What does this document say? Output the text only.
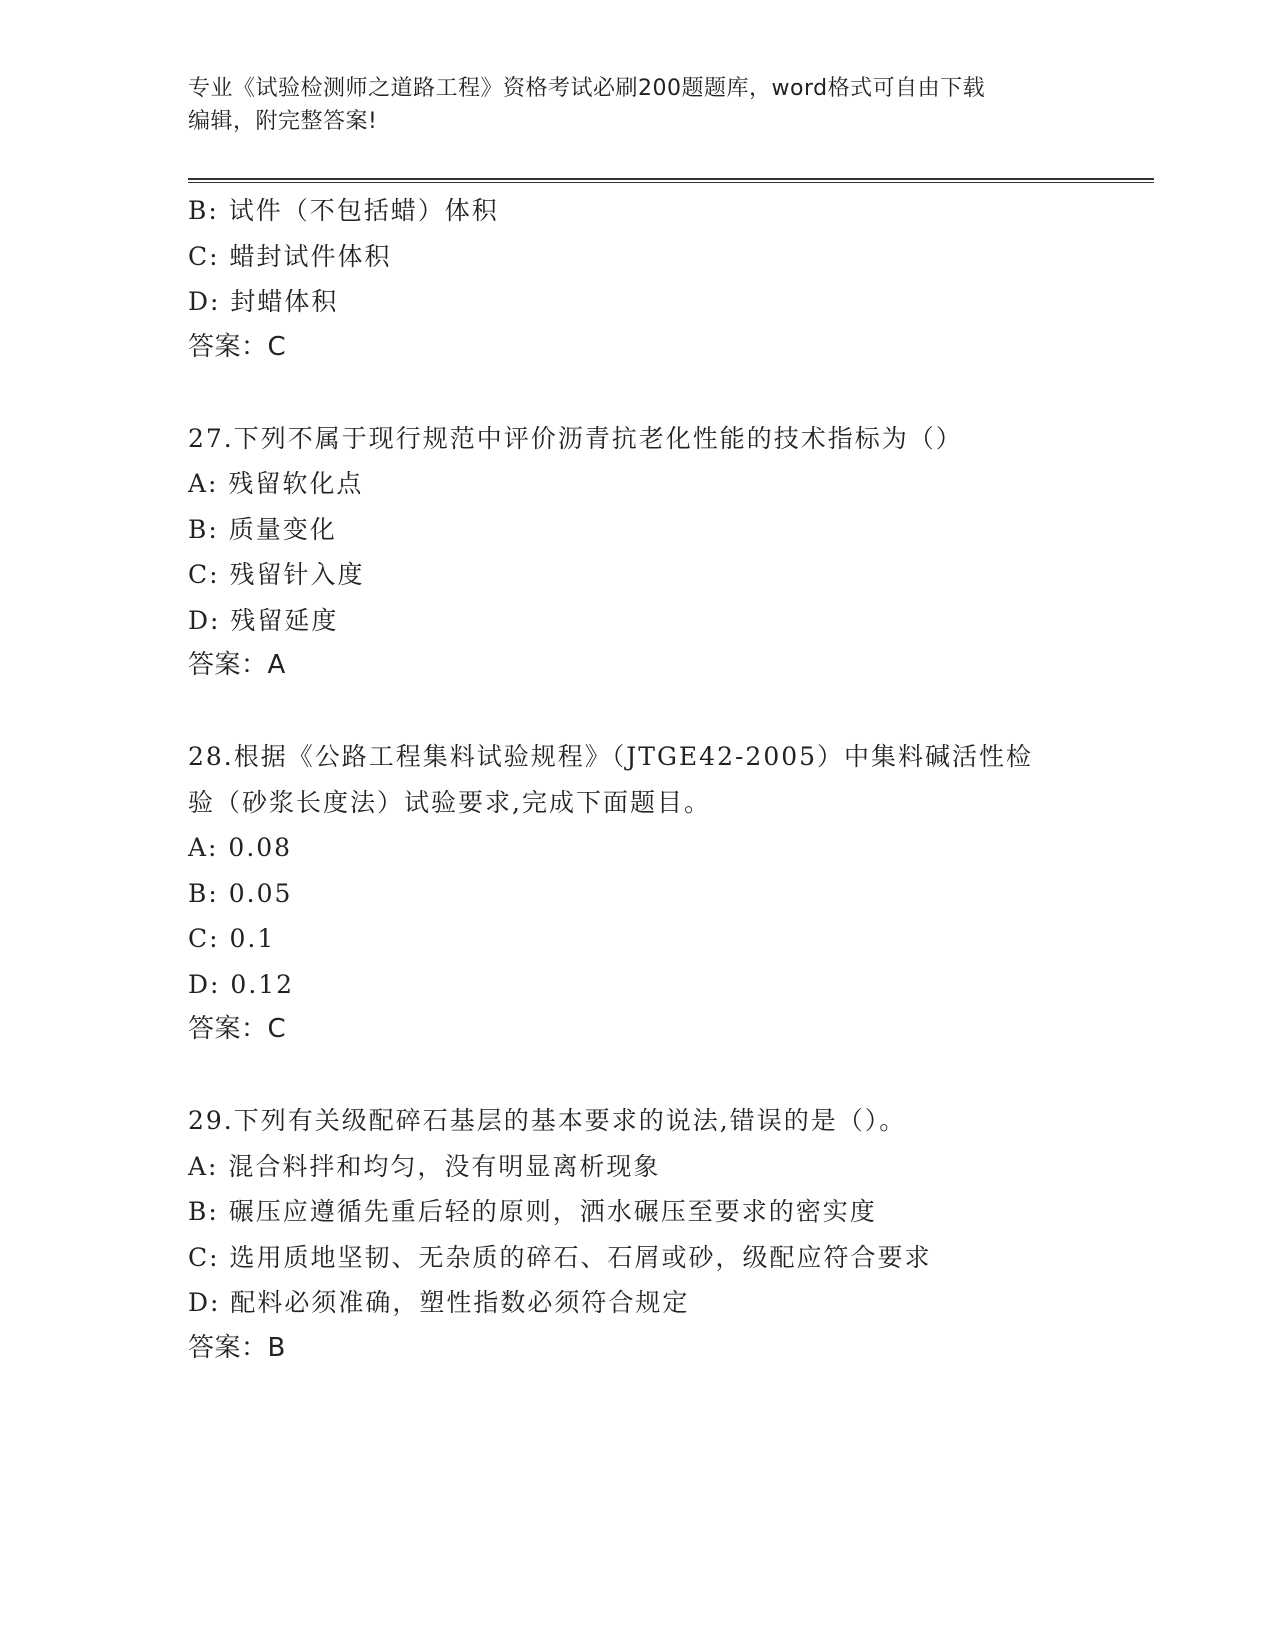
专业《试验检测师之道路工程》资格考试必刷200题题库，word格式可自由下载
编辑，附完整答案!
B: 试件（不包括蜡）体积
C: 蜡封试件体积
D: 封蜡体积
答案：C
27.下列不属于现行规范中评价沥青抗老化性能的技术指标为（）
A: 残留软化点
B: 质量变化
C: 残留针入度
D: 残留延度
答案：A
28.根据《公路工程集料试验规程》（JTGE42-2005）中集料碱活性检
验（砂浆长度法）试验要求,完成下面题目。
A: 0.08
B: 0.05
C: 0.1
D: 0.12
答案：C
29.下列有关级配碎石基层的基本要求的说法,错误的是（）。
A: 混合料拌和均匀，没有明显离析现象
B: 碾压应遵循先重后轻的原则，洒水碾压至要求的密实度
C: 选用质地坚韧、无杂质的碎石、石屑或砂，级配应符合要求
D: 配料必须准确，塑性指数必须符合规定
答案：B
